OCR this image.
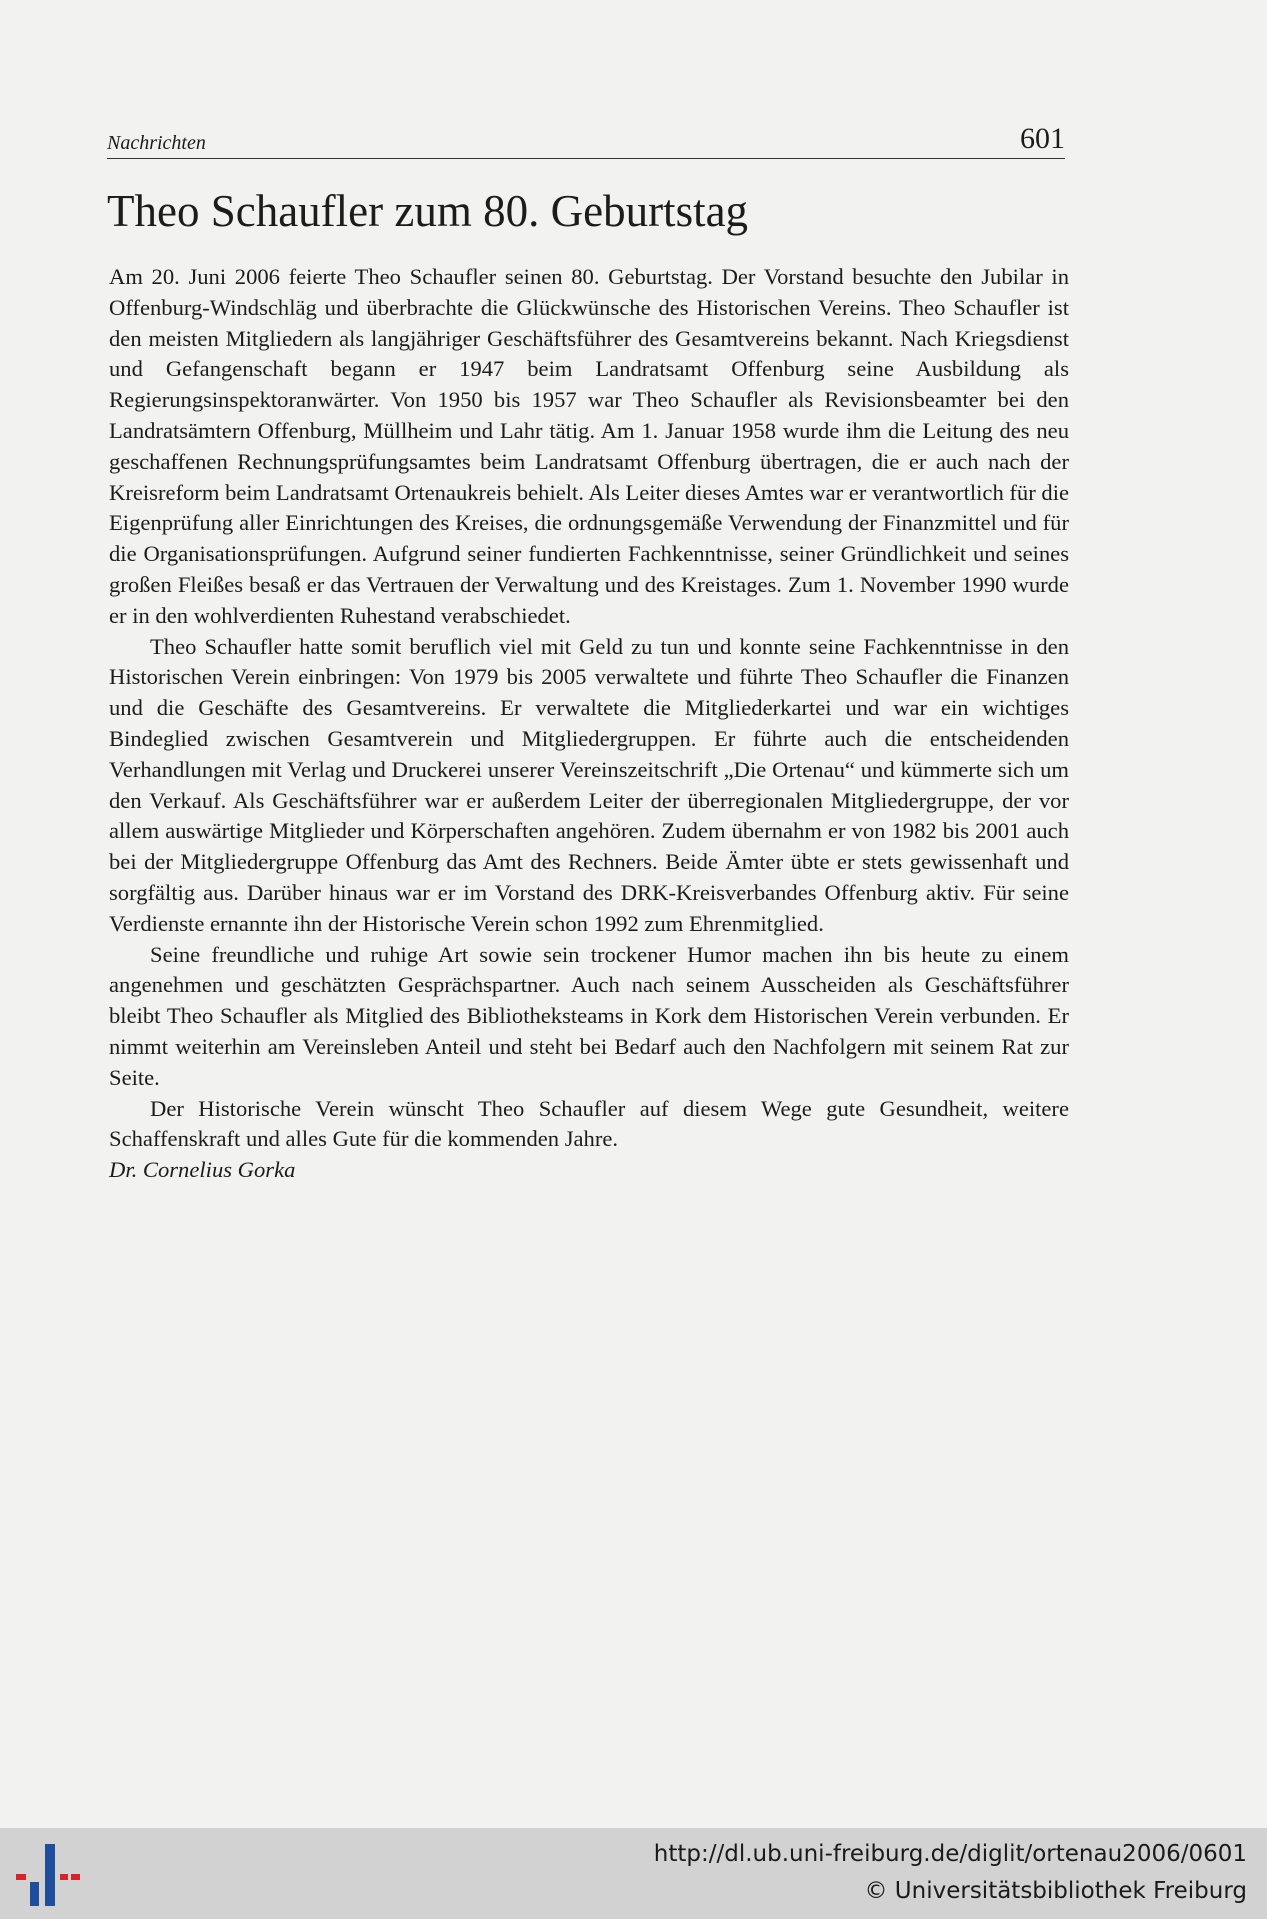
Nachrichten	601
Theo Schaufler zum 80. Geburtstag

Am 20. Juni 2006 feierte Theo Schaufler seinen 80. Geburtstag. Der Vorstand besuchte den Jubilar in Offenburg-Windschläg und überbrachte die Glückwünsche des Historischen Vereins. Theo Schaufler ist den meisten Mitgliedern als langjähriger Geschäftsführer des Gesamtvereins bekannt. Nach Kriegsdienst und Gefangenschaft begann er 1947 beim Landratsamt Offenburg seine Ausbildung als Regierungsinspektoranwärter. Von 1950 bis 1957 war Theo Schaufler als Revisionsbeamter bei den Landratsämtern Offenburg, Müllheim und Lahr tätig. Am 1. Januar 1958 wurde ihm die Leitung des neu geschaffenen Rechnungsprüfungsamtes beim Landratsamt Offenburg übertragen, die er auch nach der Kreisreform beim Landratsamt Ortenaukreis behielt. Als Leiter dieses Amtes war er verantwortlich für die Eigenprüfung aller Einrichtungen des Kreises, die ordnungsgemäße Verwendung der Finanzmittel und für die Organisationsprüfungen. Aufgrund seiner fundierten Fachkenntnisse, seiner Gründlichkeit und seines großen Fleißes besaß er das Vertrauen der Verwaltung und des Kreistages. Zum 1. November 1990 wurde er in den wohlverdienten Ruhestand verabschiedet.

Theo Schaufler hatte somit beruflich viel mit Geld zu tun und konnte seine Fachkenntnisse in den Historischen Verein einbringen: Von 1979 bis 2005 verwaltete und führte Theo Schaufler die Finanzen und die Geschäfte des Gesamtvereins. Er verwaltete die Mitgliederkartei und war ein wichtiges Bindeglied zwischen Gesamtverein und Mitgliedergruppen. Er führte auch die entscheidenden Verhandlungen mit Verlag und Druckerei unserer Vereinszeitschrift „Die Ortenau“ und kümmerte sich um den Verkauf. Als Geschäftsführer war er außerdem Leiter der überregionalen Mitgliedergruppe, der vor allem auswärtige Mitglieder und Körperschaften angehören. Zudem übernahm er von 1982 bis 2001 auch bei der Mitgliedergruppe Offenburg das Amt des Rechners. Beide Ämter übte er stets gewissenhaft und sorgfältig aus. Darüber hinaus war er im Vorstand des DRK-Kreisverbandes Offenburg aktiv. Für seine Verdienste ernannte ihn der Historische Verein schon 1992 zum Ehrenmitglied.

Seine freundliche und ruhige Art sowie sein trockener Humor machen ihn bis heute zu einem angenehmen und geschätzten Gesprächspartner. Auch nach seinem Ausscheiden als Geschäftsführer bleibt Theo Schaufler als Mitglied des Bibliotheksteams in Kork dem Historischen Verein verbunden. Er nimmt weiterhin am Vereinsleben Anteil und steht bei Bedarf auch den Nachfolgern mit seinem Rat zur Seite.

Der Historische Verein wünscht Theo Schaufler auf diesem Wege gute Gesundheit, weitere Schaffenskraft und alles Gute für die kommenden Jahre.

Dr. Cornelius Gorka

http://dl.ub.uni-freiburg.de/diglit/ortenau2006/0601
© Universitätsbibliothek Freiburg
